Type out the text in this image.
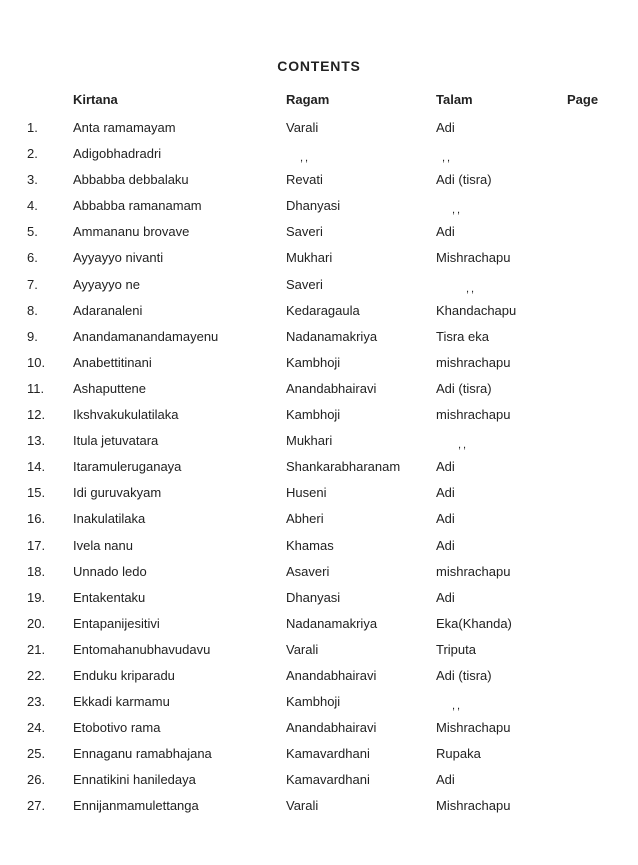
CONTENTS
Kirtana	Ragam	Talam	Page
1.	Anta ramamayam	Varali	Adi
2.	Adigobhadradri	,,	,,
3.	Abbabba debbalaku	Revati	Adi (tisra)
4.	Abbabba ramanamam	Dhanyasi	,,
5.	Ammananu brovave	Saveri	Adi
6.	Ayyayyo nivanti	Mukhari	Mishrachapu
7.	Ayyayyo ne	Saveri	,,
8.	Adaranaleni	Kedaragaula	Khandachapu
9.	Anandamanandamayenu	Nadanamakriya	Tisra eka
10. Anabettitinani	Kambhoji	mishrachapu
11. Ashaputtene	Anandabhairavi	Adi (tisra)
12. Ikshvakukulatilaka	Kambhoji	mishrachapu
13. Itula jetuvatara	Mukhari	,,
14. Itaramuleruganaya	Shankarabharanam	Adi
15. Idi guruvakyam	Huseni	Adi
16. Inakulatilaka	Abheri	Adi
17. Ivela nanu	Khamas	Adi
18. Unnado ledo	Asaveri	mishrachapu
19. Entakentaku	Dhanyasi	Adi
20. Entapanijesitivi	Nadanamakriya	Eka(Khanda)
21. Entomahanubhavudavu	Varali	Triputa
22. Enduku kriparadu	Anandabhairavi	Adi (tisra)
23. Ekkadi karmamu	Kambhoji	,,
24. Etobotivo rama	Anandabhairavi	Mishrachapu
25. Ennaganu ramabhajana	Kamavardhani	Rupaka
26. Ennatikini haniledaya	Kamavardhani	Adi
27. Ennijanmamulettanga	Varali	Mishrachapu
